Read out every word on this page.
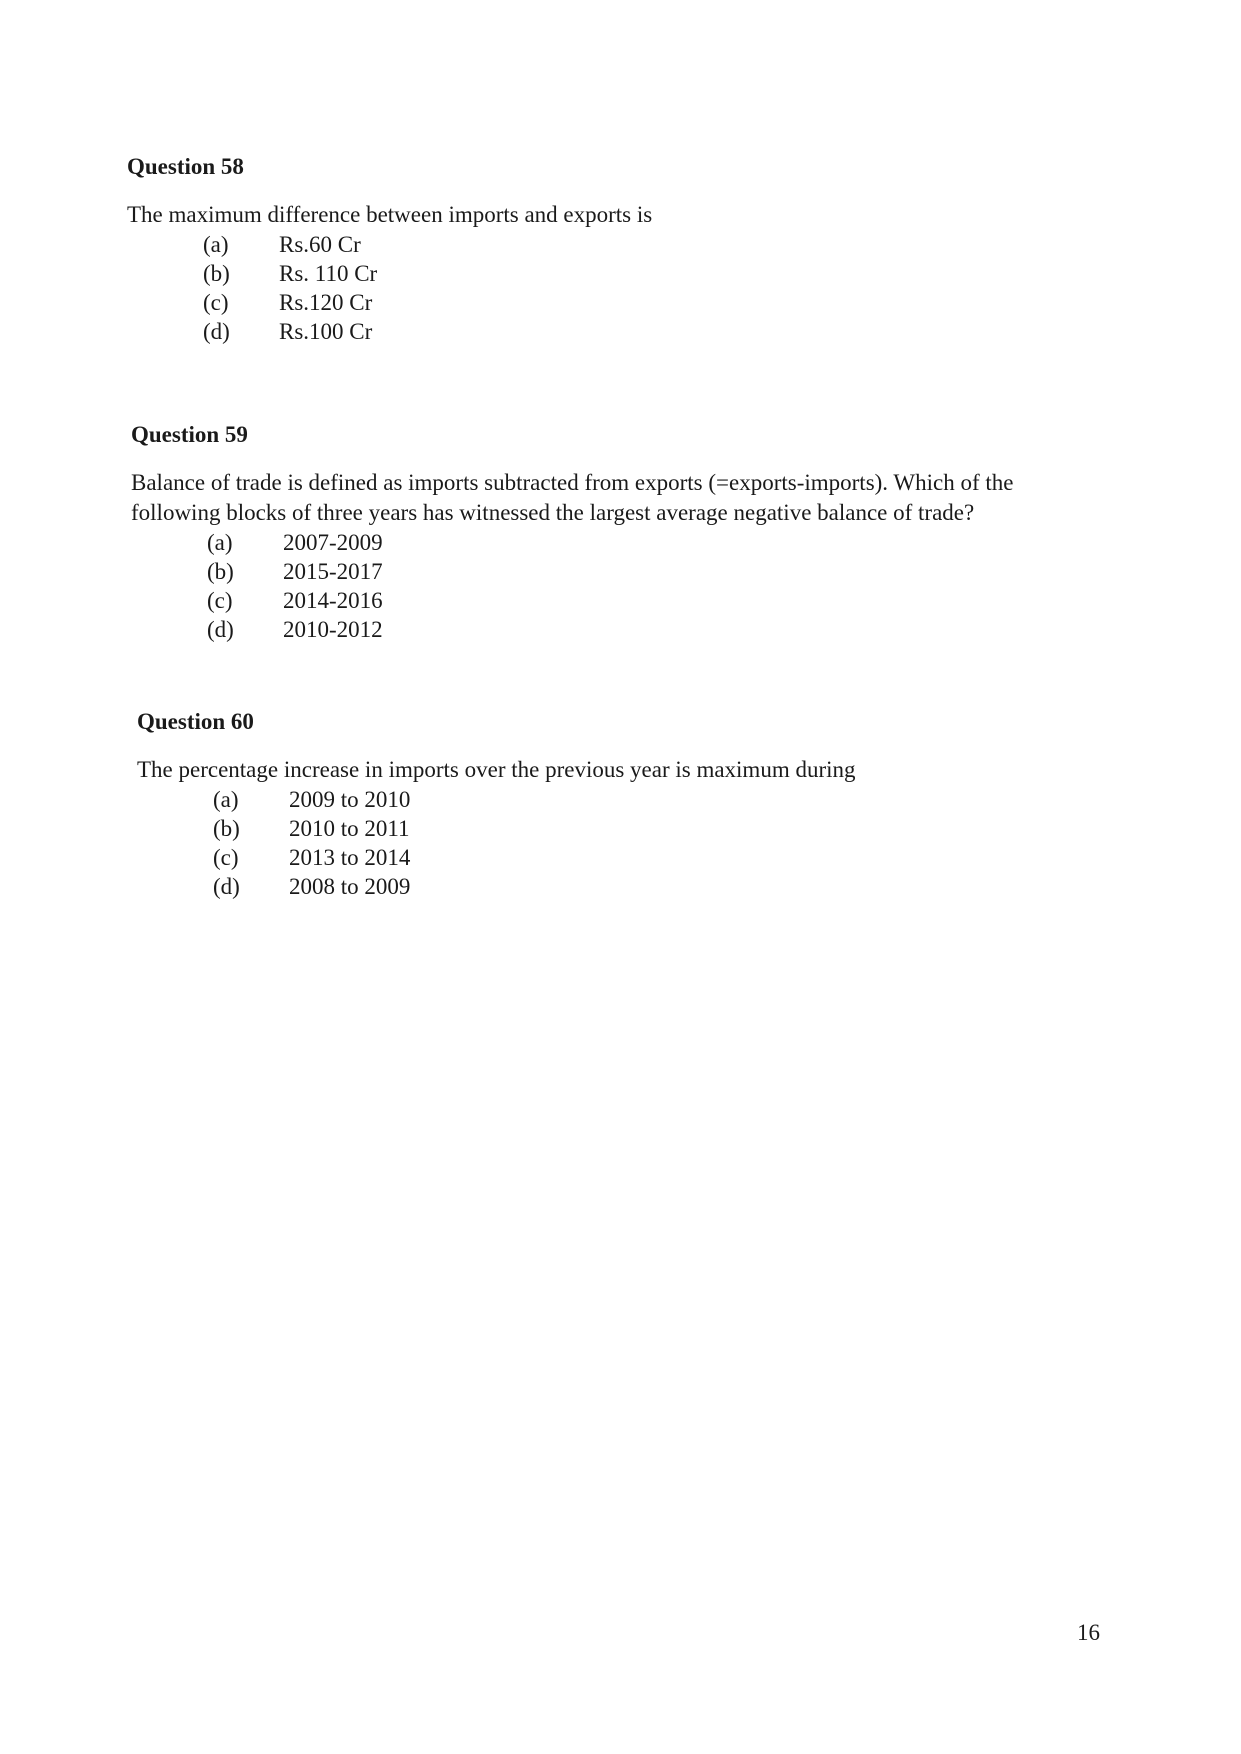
Question 58

The maximum difference between imports and exports is

(a)	Rs.60 Cr
(b)	Rs. 110 Cr
(c)	Rs.120 Cr
(d)	Rs.100 Cr
Question 59

Balance of trade is defined as imports subtracted from exports (=exports-imports). Which of the following blocks of three years has witnessed the largest average negative balance of trade?

(a)	2007-2009
(b)	2015-2017
(c)	2014-2016
(d)	2010-2012
Question 60

The percentage increase in imports over the previous year is maximum during

(a)	2009 to 2010
(b)	2010 to 2011
(c)	2013 to 2014
(d)	2008 to 2009
16
